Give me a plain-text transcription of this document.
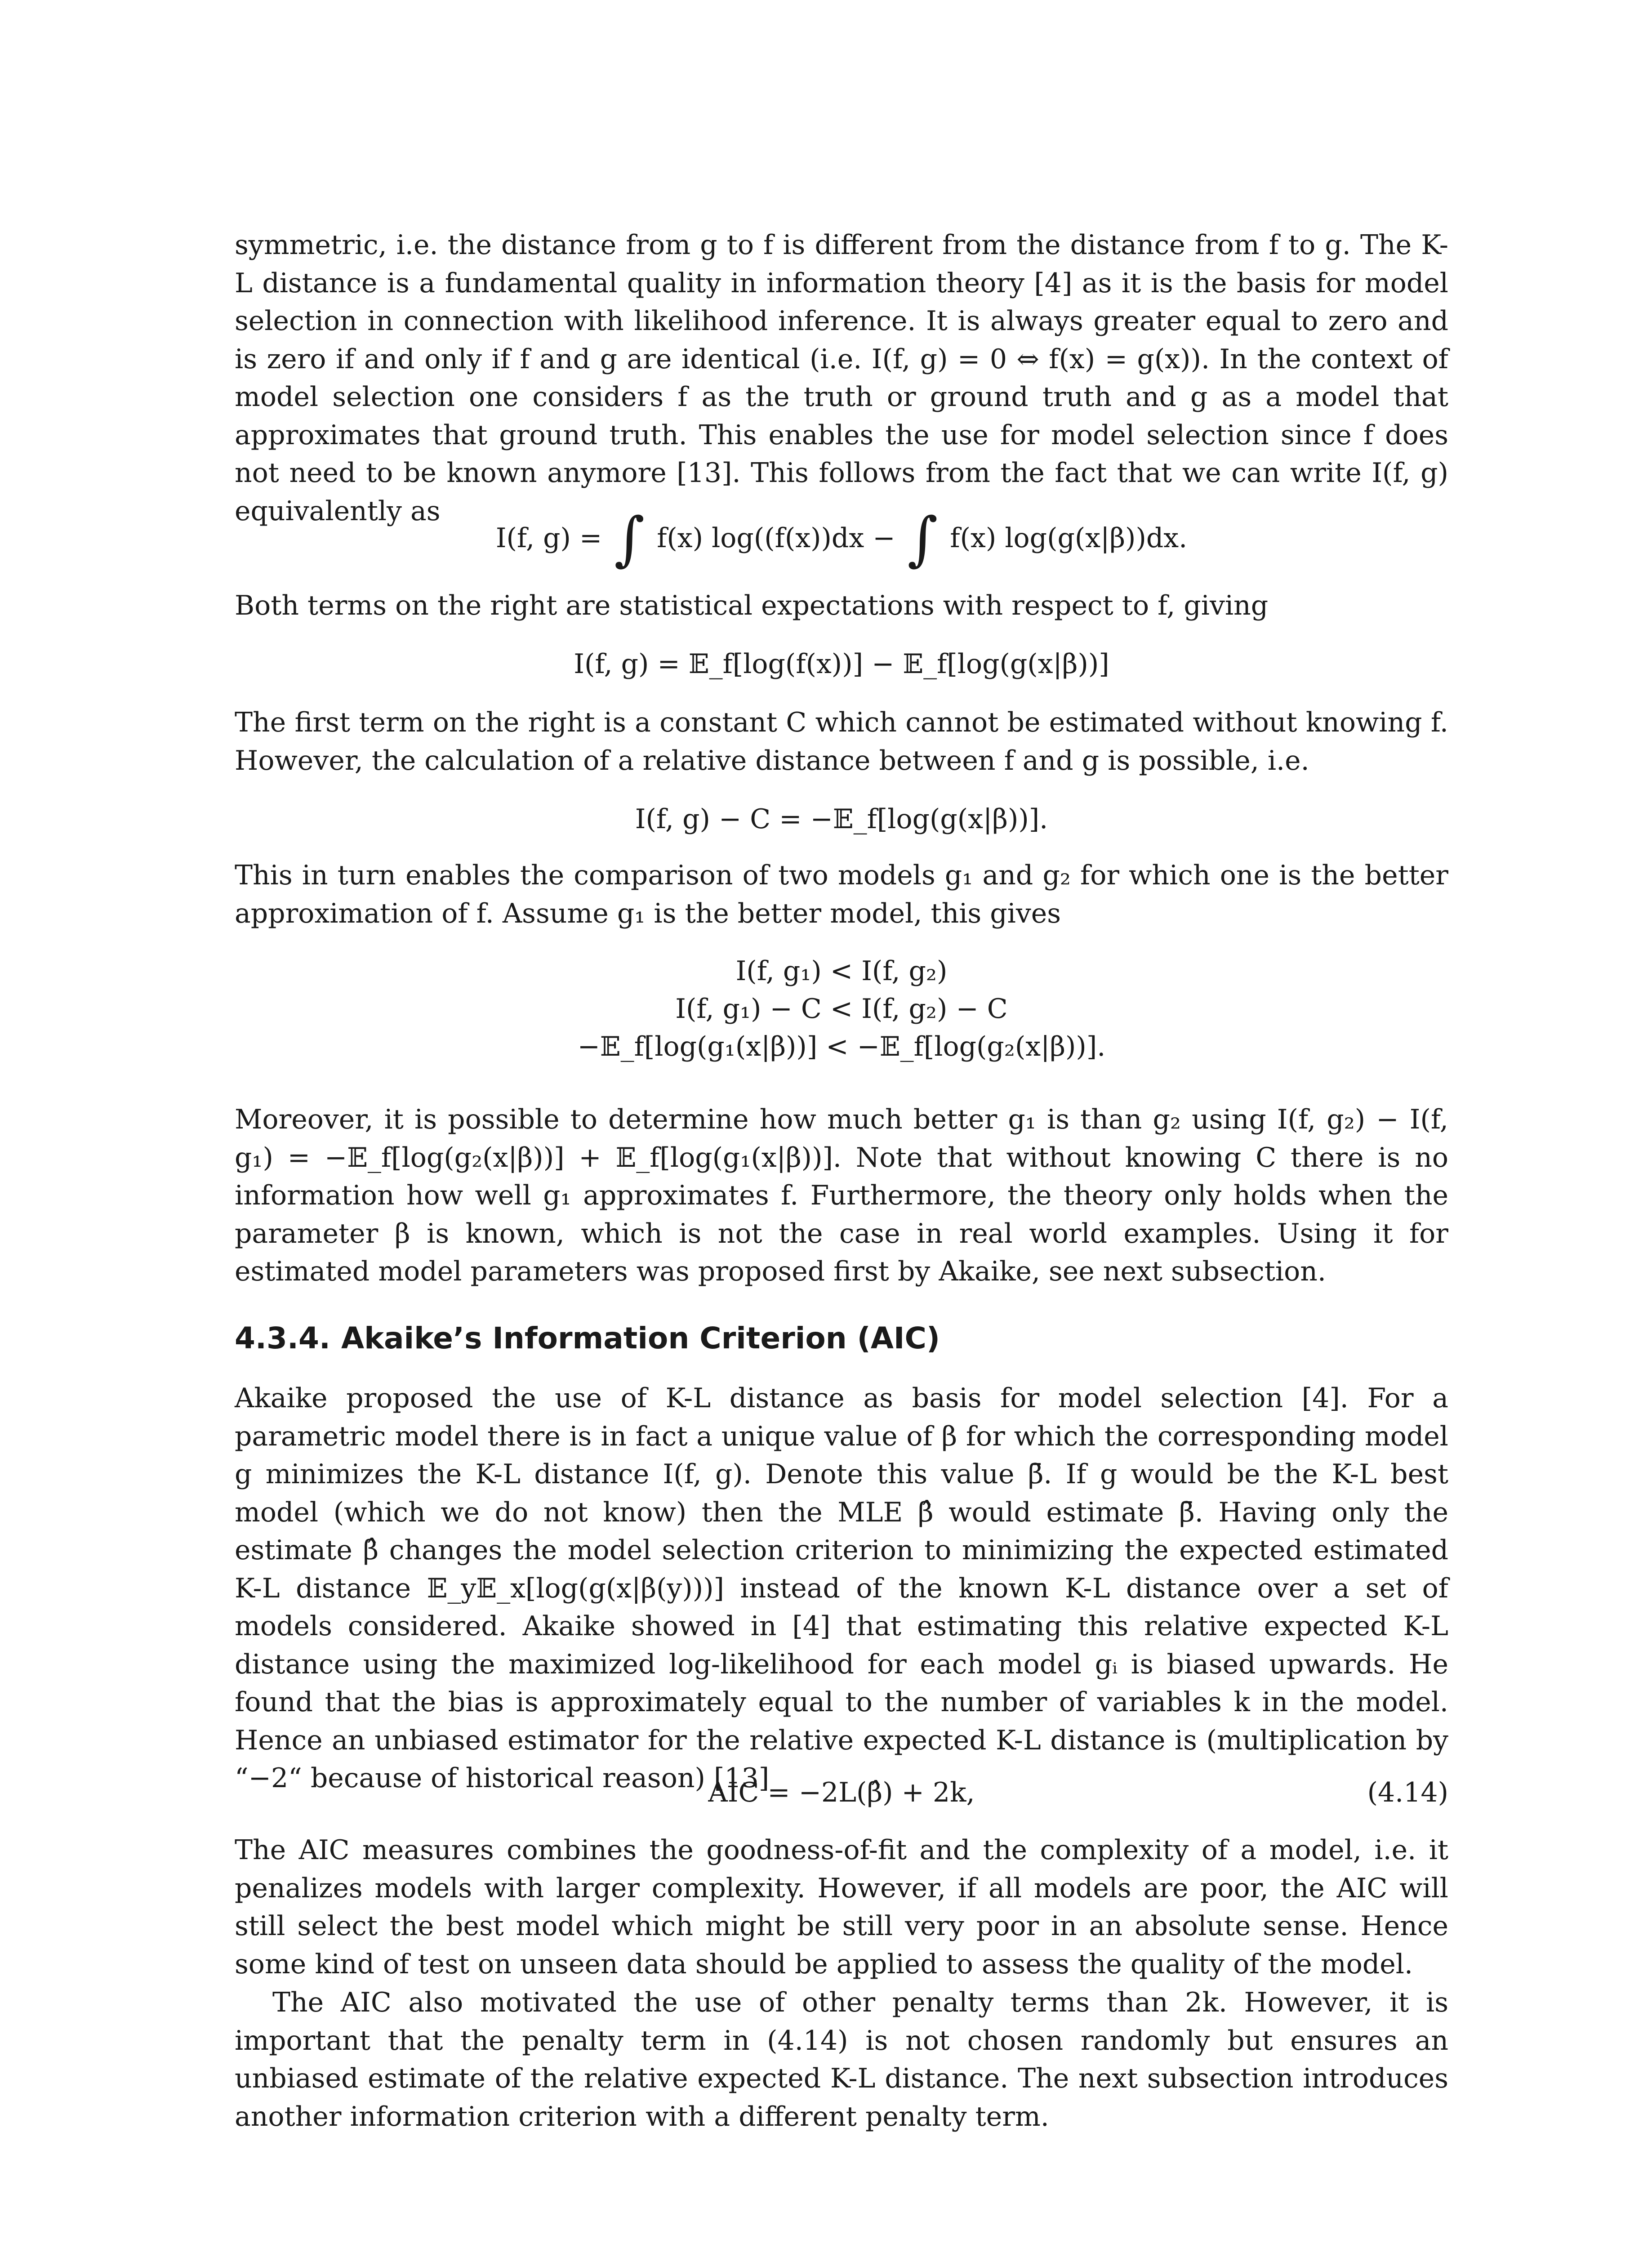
symmetric, i.e. the distance from g to f is different from the distance from f to g. The K-L distance is a fundamental quality in information theory [4] as it is the basis for model selection in connection with likelihood inference. It is always greater equal to zero and is zero if and only if f and g are identical (i.e. I(f, g) = 0 ⇔ f(x) = g(x)). In the context of model selection one considers f as the truth or ground truth and g as a model that approximates that ground truth. This enables the use for model selection since f does not need to be known anymore [13]. This follows from the fact that we can write I(f, g) equivalently as

I(f, g) = ∫ f(x) log((f(x))dx − ∫ f(x) log(g(x|β))dx.

Both terms on the right are statistical expectations with respect to f, giving

I(f, g) = 𝔼_f[log(f(x))] − 𝔼_f[log(g(x|β))]

The first term on the right is a constant C which cannot be estimated without knowing f. However, the calculation of a relative distance between f and g is possible, i.e.

I(f, g) − C = −𝔼_f[log(g(x|β))].

This in turn enables the comparison of two models g₁ and g₂ for which one is the better approximation of f. Assume g₁ is the better model, this gives

I(f, g₁) < I(f, g₂)
I(f, g₁) − C < I(f, g₂) − C
−𝔼_f[log(g₁(x|β))] < −𝔼_f[log(g₂(x|β))].

Moreover, it is possible to determine how much better g₁ is than g₂ using I(f, g₂) − I(f, g₁) = −𝔼_f[log(g₂(x|β))] + 𝔼_f[log(g₁(x|β))]. Note that without knowing C there is no information how well g₁ approximates f. Furthermore, the theory only holds when the parameter β is known, which is not the case in real world examples. Using it for estimated model parameters was proposed first by Akaike, see next subsection.

4.3.4. Akaike’s Information Criterion (AIC)

Akaike proposed the use of K-L distance as basis for model selection [4]. For a parametric model there is in fact a unique value of β for which the corresponding model g minimizes the K-L distance I(f, g). Denote this value β̄. If g would be the K-L best model (which we do not know) then the MLE β̂ would estimate β̄. Having only the estimate β̂ changes the model selection criterion to minimizing the expected estimated K-L distance 𝔼_y𝔼_x[log(g(x|β(y)))] instead of the known K-L distance over a set of models considered. Akaike showed in [4] that estimating this relative expected K-L distance using the maximized log-likelihood for each model gᵢ is biased upwards. He found that the bias is approximately equal to the number of variables k in the model. Hence an unbiased estimator for the relative expected K-L distance is (multiplication by “−2“ because of historical reason) [13]

AIC = −2L(β̂) + 2k,	(4.14)

The AIC measures combines the goodness-of-fit and the complexity of a model, i.e. it penalizes models with larger complexity. However, if all models are poor, the AIC will still select the best model which might be still very poor in an absolute sense. Hence some kind of test on unseen data should be applied to assess the quality of the model.

The AIC also motivated the use of other penalty terms than 2k. However, it is important that the penalty term in (4.14) is not chosen randomly but ensures an unbiased estimate of the relative expected K-L distance. The next subsection introduces another information criterion with a different penalty term.
